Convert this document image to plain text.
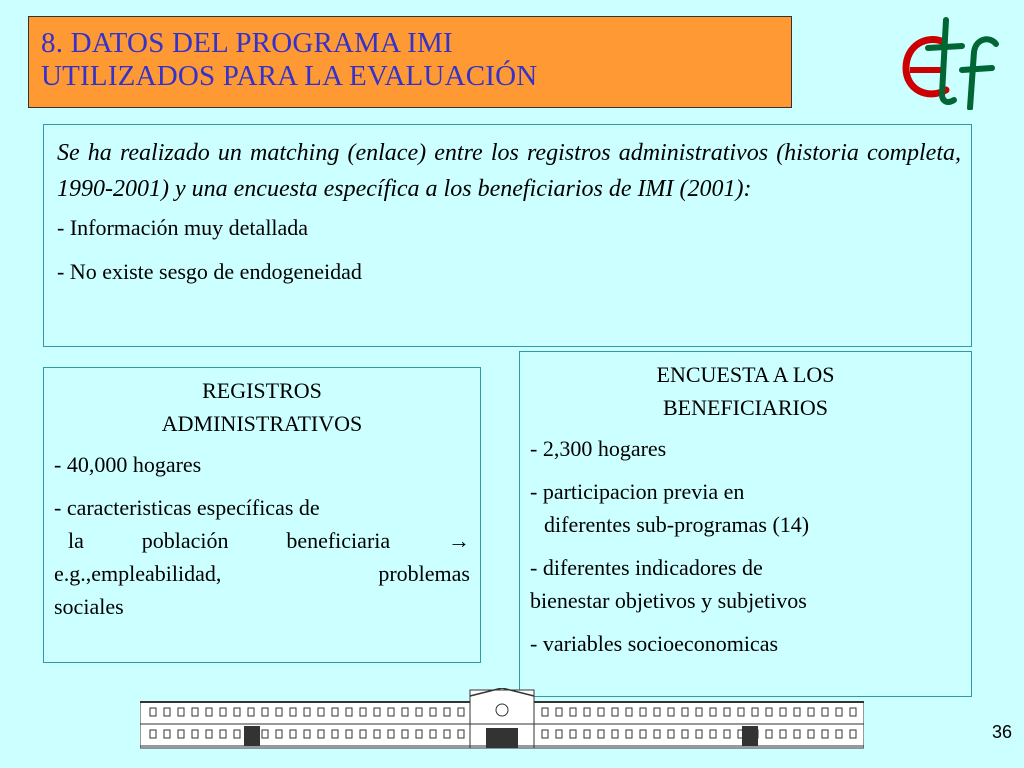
8. DATOS DEL PROGRAMA IMI
UTILIZADOS PARA LA EVALUACIÓN

Se ha realizado un matching (enlace) entre los registros administrativos (historia completa, 1990-2001) y una encuesta específica a los beneficiarios de IMI (2001):

- Información muy detallada
- No existe sesgo de endogeneidad
REGISTROS
ADMINISTRATIVOS
- 40,000 hogares
- caracteristicas específicas de
la población beneficiaria →
e.g.,empleabilidad, problemas
sociales
ENCUESTA A LOS
BENEFICIARIOS
- 2,300 hogares
- participacion previa en
diferentes sub-programas (14)
- diferentes indicadores de
bienestar objetivos y subjetivos
- variables socioeconomicas
36
